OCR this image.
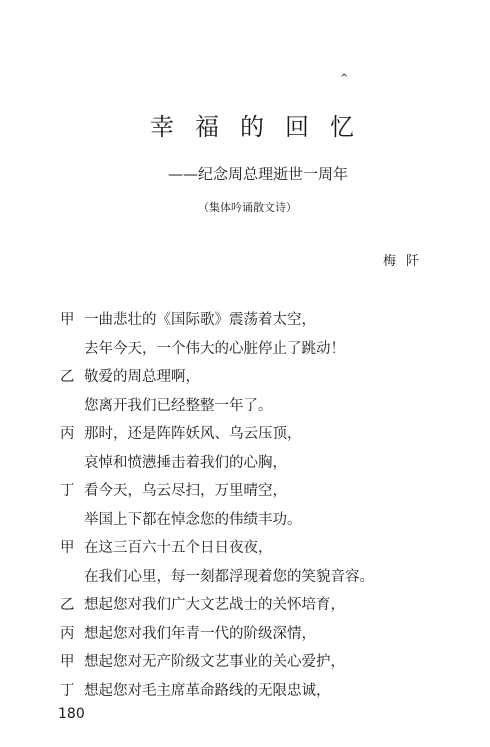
^
幸福的回忆
——纪念周总理逝世一周年
（集体吟诵散文诗）
梅阡
甲 一曲悲壮的《国际歌》震荡着太空，
去年今天，一个伟大的心脏停止了跳动！
乙 敬爱的周总理啊，
您离开我们已经整整一年了。
丙 那时，还是阵阵妖风、乌云压顶，
哀悼和愤懑捶击着我们的心胸，
丁 看今天，乌云尽扫，万里晴空，
举国上下都在悼念您的伟绩丰功。
甲 在这三百六十五个日日夜夜，
在我们心里，每一刻都浮现着您的笑貌音容。
乙 想起您对我们广大文艺战士的关怀培育，
丙 想起您对我们年青一代的阶级深情，
甲 想起您对无产阶级文艺事业的关心爱护，
丁 想起您对毛主席革命路线的无限忠诚，
180
